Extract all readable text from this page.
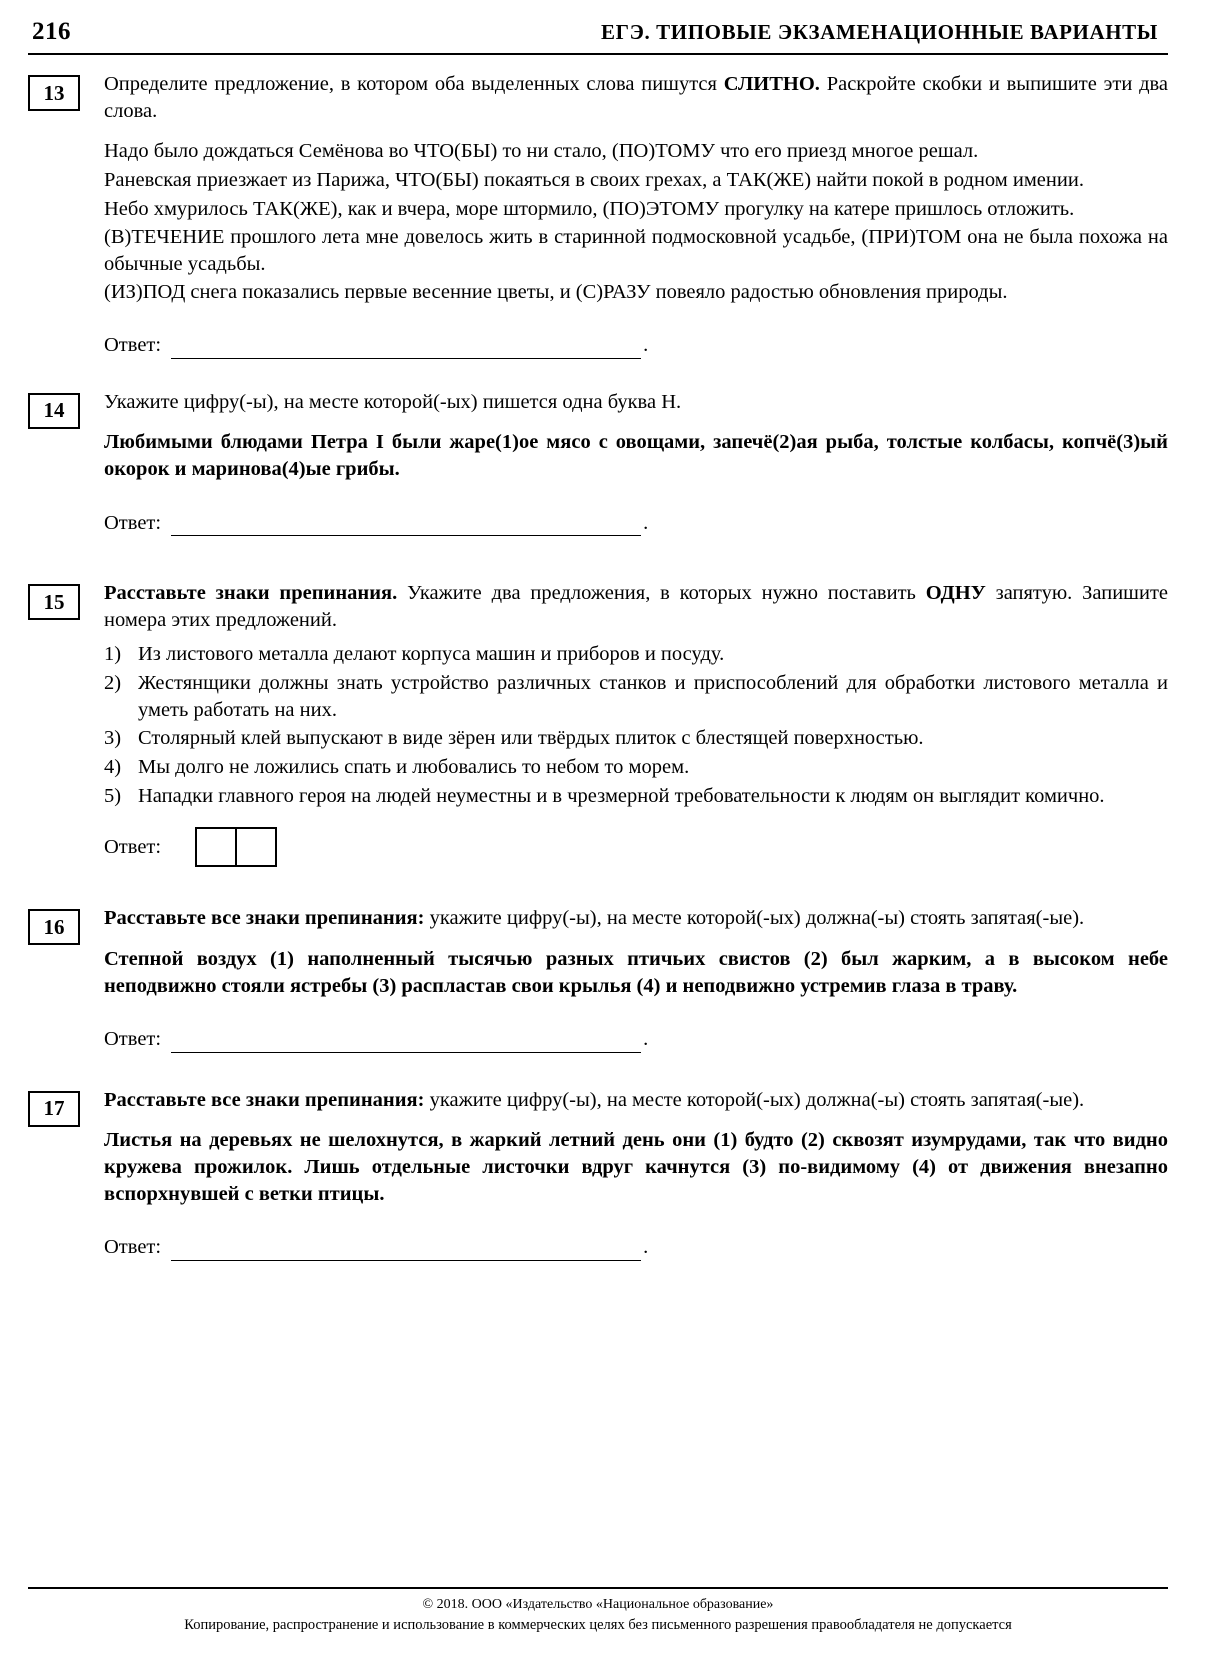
216	ЕГЭ. ТИПОВЫЕ ЭКЗАМЕНАЦИОННЫЕ ВАРИАНТЫ
13	Определите предложение, в котором оба выделенных слова пишутся СЛИТНО. Раскройте скобки и выпишите эти два слова.

Надо было дождаться Семёнова во ЧТО(БЫ) то ни стало, (ПО)ТОМУ что его приезд многое решал.

Раневская приезжает из Парижа, ЧТО(БЫ) покаяться в своих грехах, а ТАК(ЖЕ) найти покой в родном имении.

Небо хмурилось ТАК(ЖЕ), как и вчера, море штормило, (ПО)ЭТОМУ прогулку на катере пришлось отложить.

(В)ТЕЧЕНИЕ прошлого лета мне довелось жить в старинной подмосковной усадьбе, (ПРИ)ТОМ она не была похожа на обычные усадьбы.

(ИЗ)ПОД снега показались первые весенние цветы, и (С)РАЗУ повеяло радостью обновления природы.

Ответ:	.
14	Укажите цифру(-ы), на месте которой(-ых) пишется одна буква Н.

Любимыми блюдами Петра I были жаре(1)ое мясо с овощами, запечё(2)ая рыба, толстые колбасы, копчё(3)ый окорок и маринова(4)ые грибы.

Ответ:	.
15	Расставьте знаки препинания. Укажите два предложения, в которых нужно поставить ОДНУ запятую. Запишите номера этих предложений.

1) Из листового металла делают корпуса машин и приборов и посуду.
2) Жестянщики должны знать устройство различных станков и приспособлений для обработки листового металла и уметь работать на них.
3) Столярный клей выпускают в виде зёрен или твёрдых плиток с блестящей поверхностью.
4) Мы долго не ложились спать и любовались то небом то морем.
5) Нападки главного героя на людей неуместны и в чрезмерной требовательности к людям он выглядит комично.
Ответ:
16	Расставьте все знаки препинания: укажите цифру(-ы), на месте которой(-ых) должна(-ы) стоять запятая(-ые).

Степной воздух (1) наполненный тысячью разных птичьих свистов (2) был жарким, а в высоком небе неподвижно стояли ястребы (3) распластав свои крылья (4) и неподвижно устремив глаза в траву.

Ответ:	.
17	Расставьте все знаки препинания: укажите цифру(-ы), на месте которой(-ых) должна(-ы) стоять запятая(-ые).

Листья на деревьях не шелохнутся, в жаркий летний день они (1) будто (2) сквозят изумрудами, так что видно кружева прожилок. Лишь отдельные листочки вдруг качнутся (3) по-видимому (4) от движения внезапно вспорхнувшей с ветки птицы.

Ответ:	.
© 2018. ООО «Издательство «Национальное образование»
Копирование, распространение и использование в коммерческих целях без письменного разрешения правообладателя не допускается
